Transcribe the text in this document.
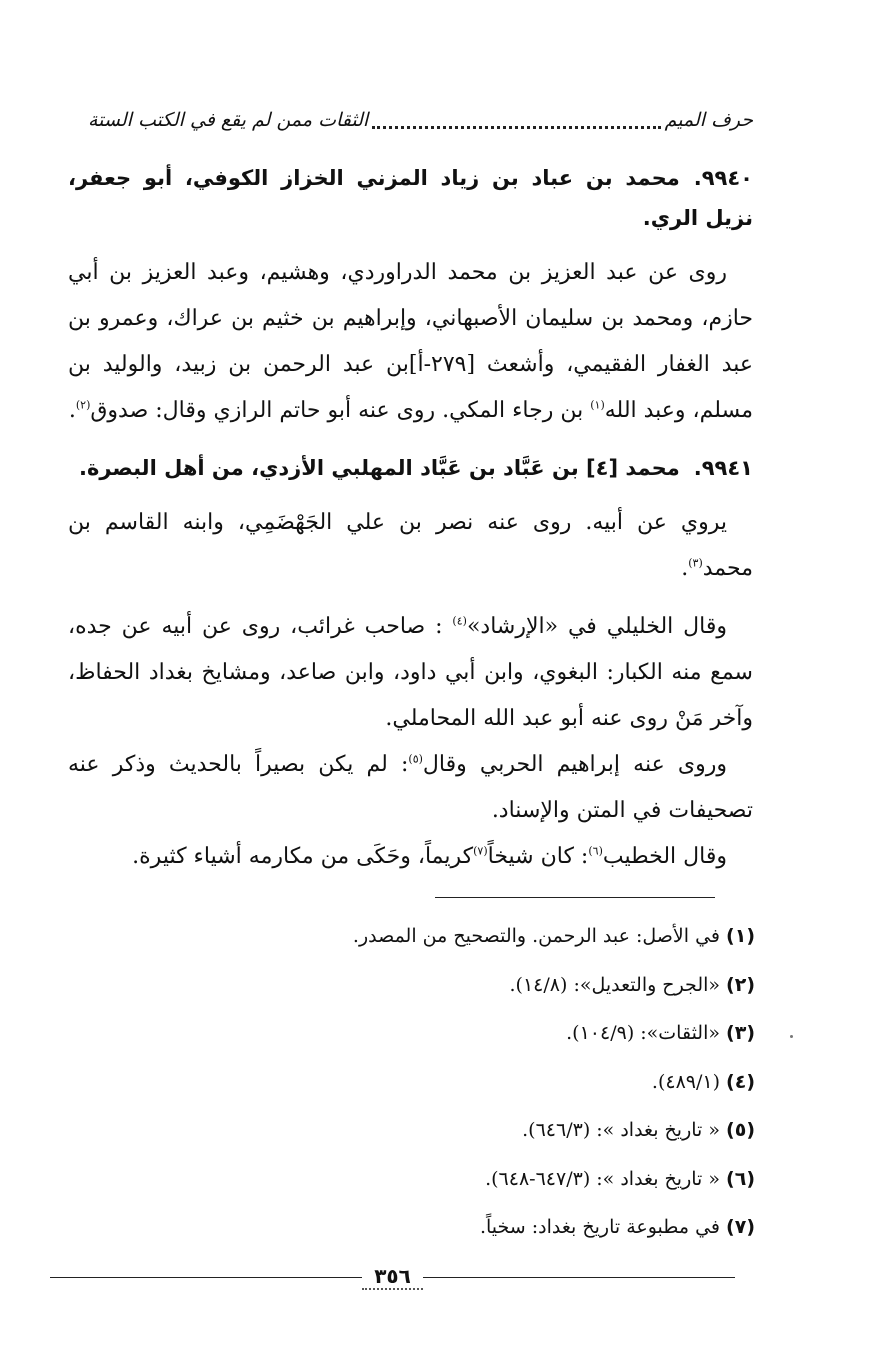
حرف الميم
الثقات ممن لم يقع في الكتب الستة

٩٩٤٠.محمد بن عباد بن زياد المزني الخزاز الكوفي، أبو جعفر، نزيل الري.

روى عن عبد العزيز بن محمد الدراوردي، وهشيم، وعبد العزيز بن أبي حازم، ومحمد بن سليمان الأصبهاني، وإبراهيم بن خثيم بن عراك، وعمرو بن عبد الغفار الفقيمي، وأشعث [٢٧٩-أ]بن عبد الرحمن بن زبيد، والوليد بن مسلم، وعبد الله$^{(١)}$ بن رجاء المكي. روى عنه أبو حاتم الرازي وقال: صدوق$^{(٢)}$.

٩٩٤١.محمد [٤] بن عَبَّاد بن عَبَّاد المهلبي الأزدي، من أهل البصرة.

يروي عن أبيه. روى عنه نصر بن علي الجَهْضَمِي، وابنه القاسم بن محمد$^{(٣)}$.

وقال الخليلي في «الإرشاد»$^{(٤)}$ : صاحب غرائب، روى عن أبيه عن جده، سمع منه الكبار: البغوي، وابن أبي داود، وابن صاعد، ومشايخ بغداد الحفاظ، وآخر مَنْ روى عنه أبو عبد الله المحاملي.

وروى عنه إبراهيم الحربي وقال$^{(٥)}$: لم يكن بصيراً بالحديث وذكر عنه تصحيفات في المتن والإسناد.

وقال الخطيب$^{(٦)}$: كان شيخاً$^{(٧)}$كريماً، وحَكَى من مكارمه أشياء كثيرة.

(١)في الأصل: عبد الرحمن. والتصحيح من المصدر.

(٢)«الجرح والتعديل»: (١٤/٨).

(٣)«الثقات»: (١٠٤/٩).

(٤)(٤٨٩/١).

(٥)« تاريخ بغداد »: (٦٤٦/٣).

(٦)« تاريخ بغداد »: (٦٤٧/٣-٦٤٨).

(٧)في مطبوعة تاريخ بغداد: سخياً.

٣٥٦
